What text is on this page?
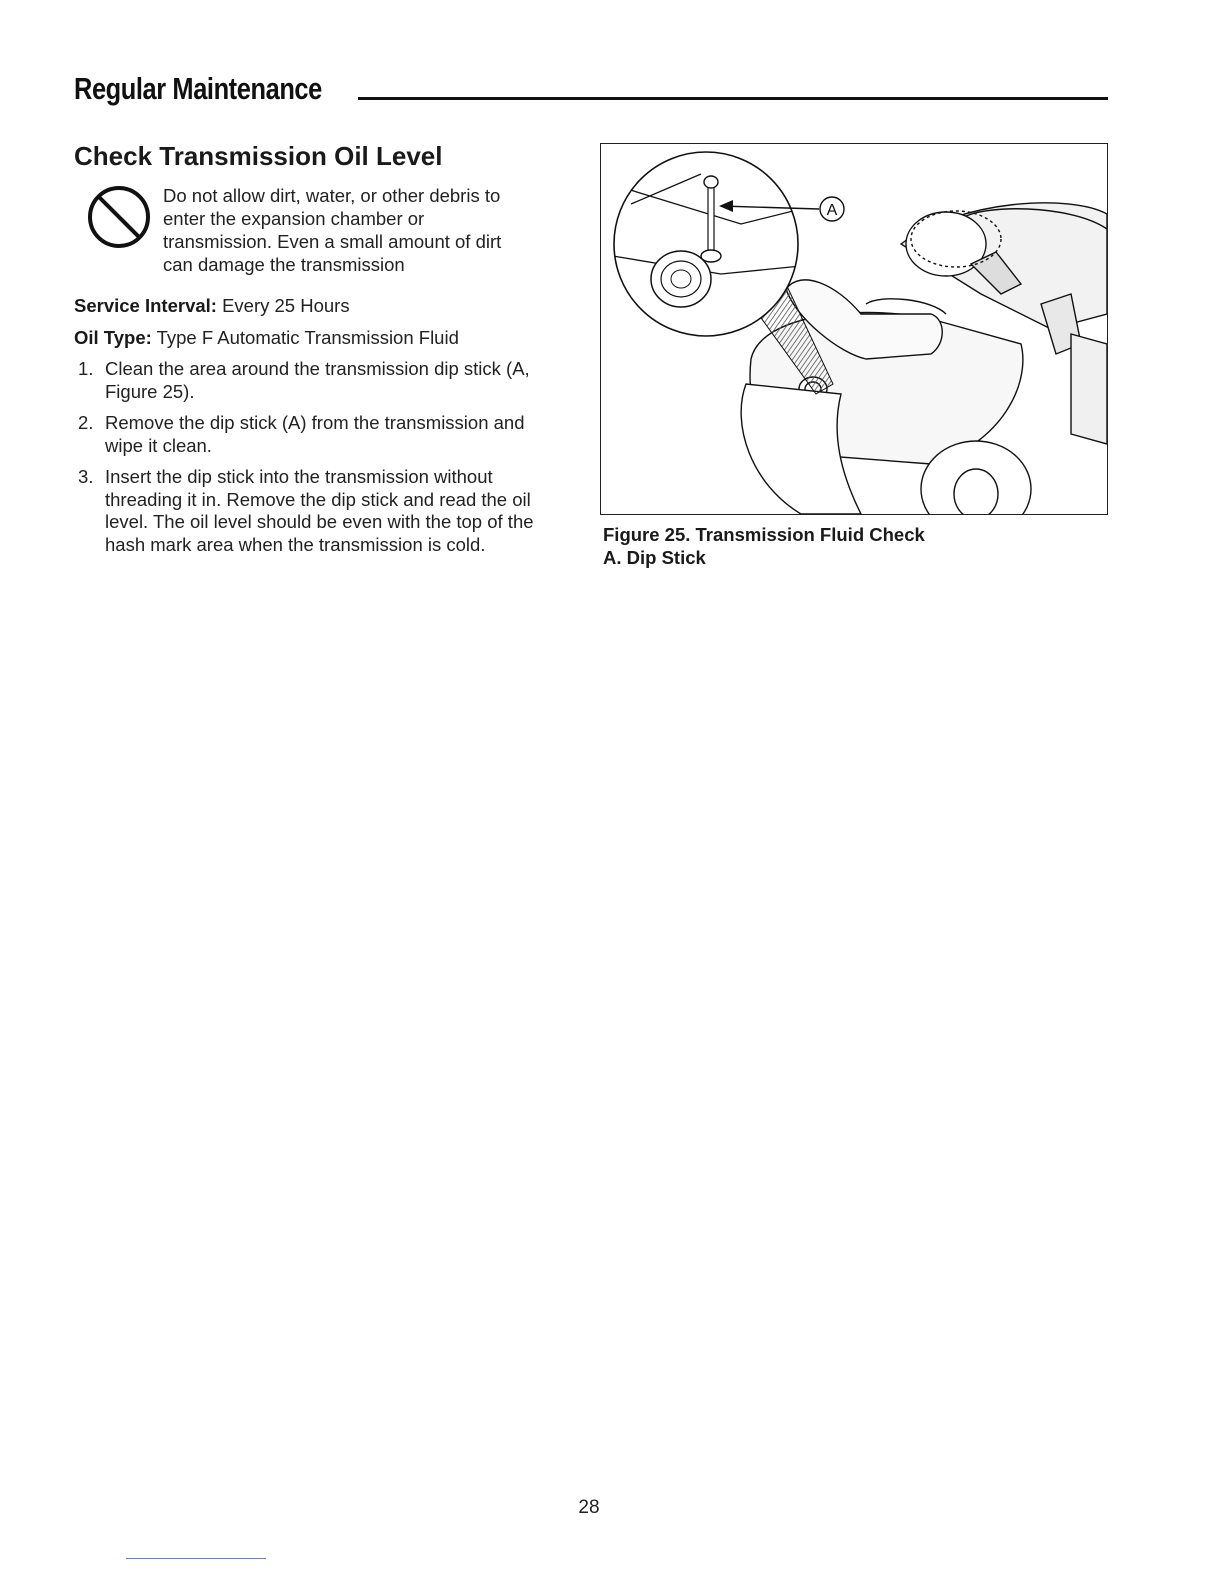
Regular Maintenance
Check Transmission Oil Level
Do not allow dirt, water, or other debris to
enter the expansion chamber or
transmission. Even a small amount of dirt
can damage the transmission
Service Interval: Every 25 Hours
Oil Type: Type F Automatic Transmission Fluid
1. Clean the area around the transmission dip stick (A,
Figure 25).
2. Remove the dip stick (A) from the transmission and
wipe it clean.
3. Insert the dip stick into the transmission without
threading it in. Remove the dip stick and read the oil
level. The oil level should be even with the top of the
hash mark area when the transmission is cold.
A
Figure 25. Transmission Fluid Check
A. Dip Stick
28
